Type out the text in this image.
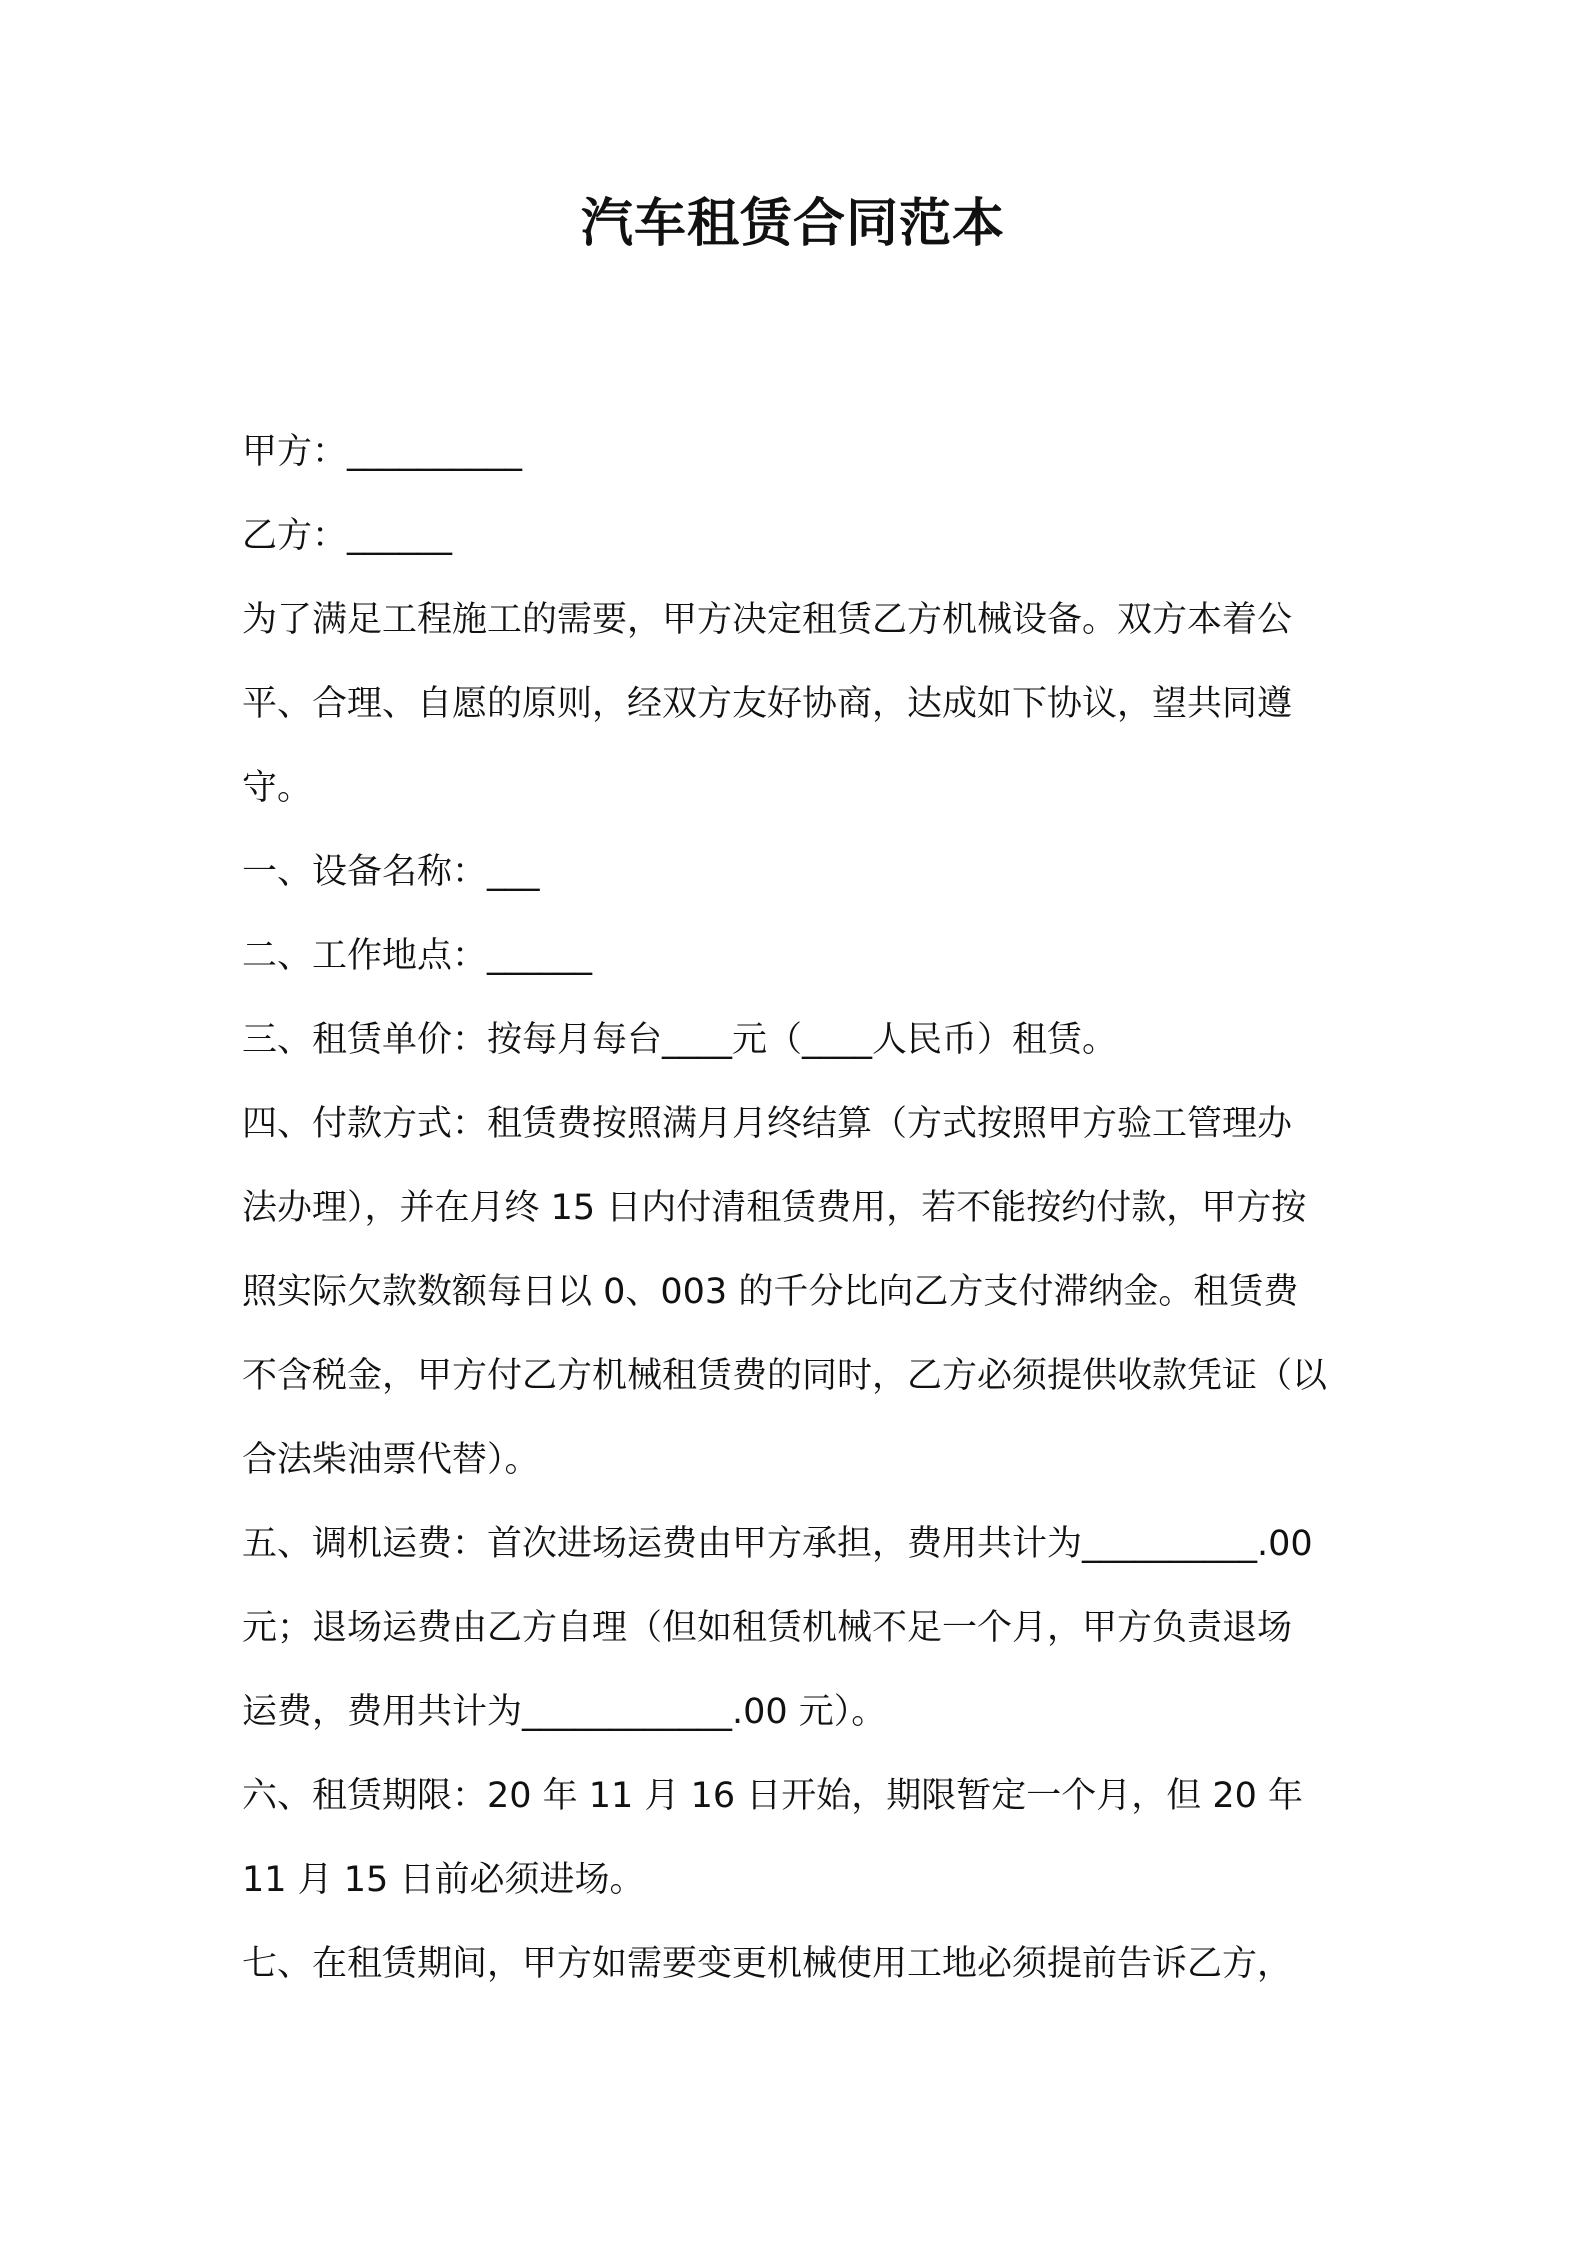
汽车租赁合同范本
甲方：__________
乙方：______
为了满足工程施工的需要，甲方决定租赁乙方机械设备。双方本着公
平、合理、自愿的原则，经双方友好协商，达成如下协议，望共同遵
守。
一、设备名称：___
二、工作地点：______
三、租赁单价：按每月每台____元（____人民币）租赁。
四、付款方式：租赁费按照满月月终结算（方式按照甲方验工管理办
法办理），并在月终 15 日内付清租赁费用，若不能按约付款，甲方按
照实际欠款数额每日以 0、003 的千分比向乙方支付滞纳金。租赁费
不含税金，甲方付乙方机械租赁费的同时，乙方必须提供收款凭证（以
合法柴油票代替）。
五、调机运费：首次进场运费由甲方承担，费用共计为__________.00
元；退场运费由乙方自理（但如租赁机械不足一个月，甲方负责退场
运费，费用共计为____________.00 元）。
六、租赁期限：20 年 11 月 16 日开始，期限暂定一个月，但 20 年
11 月 15 日前必须进场。
七、在租赁期间，甲方如需要变更机械使用工地必须提前告诉乙方，
